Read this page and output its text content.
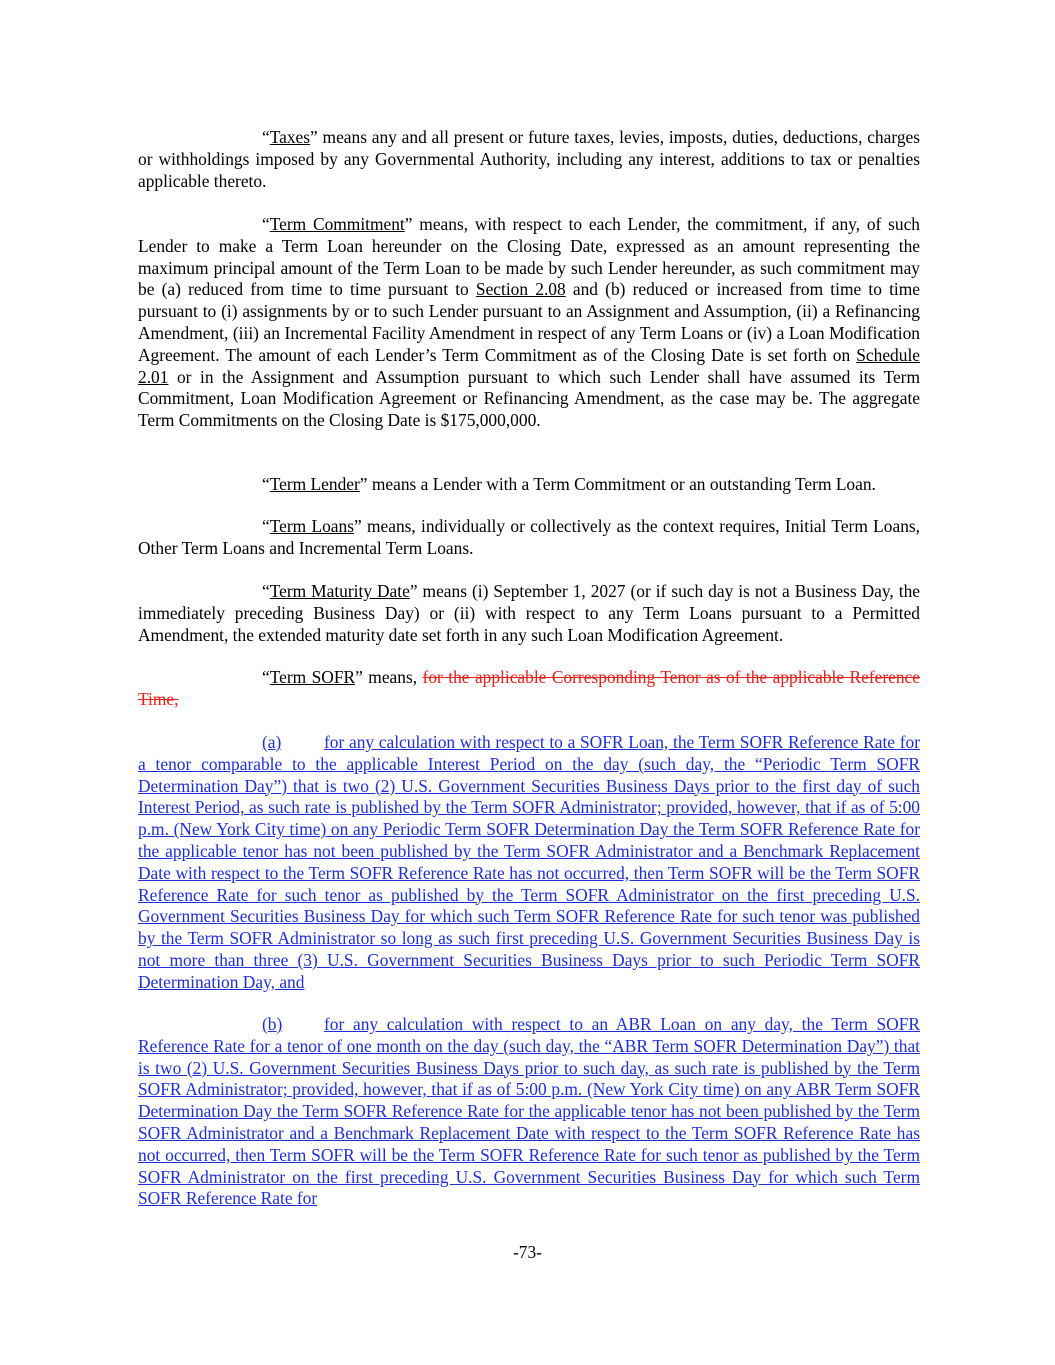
“Taxes” means any and all present or future taxes, levies, imposts, duties, deductions, charges or withholdings imposed by any Governmental Authority, including any interest, additions to tax or penalties applicable thereto.

“Term Commitment” means, with respect to each Lender, the commitment, if any, of such Lender to make a Term Loan hereunder on the Closing Date, expressed as an amount representing the maximum principal amount of the Term Loan to be made by such Lender hereunder, as such commitment may be (a) reduced from time to time pursuant to Section 2.08 and (b) reduced or increased from time to time pursuant to (i) assignments by or to such Lender pursuant to an Assignment and Assumption, (ii) a Refinancing Amendment, (iii) an Incremental Facility Amendment in respect of any Term Loans or (iv) a Loan Modification Agreement. The amount of each Lender’s Term Commitment as of the Closing Date is set forth on Schedule 2.01 or in the Assignment and Assumption pursuant to which such Lender shall have assumed its Term Commitment, Loan Modification Agreement or Refinancing Amendment, as the case may be. The aggregate Term Commitments on the Closing Date is $175,000,000.

“Term Lender” means a Lender with a Term Commitment or an outstanding Term Loan.

“Term Loans” means, individually or collectively as the context requires, Initial Term Loans, Other Term Loans and Incremental Term Loans.

“Term Maturity Date” means (i) September 1, 2027 (or if such day is not a Business Day, the immediately preceding Business Day) or (ii) with respect to any Term Loans pursuant to a Permitted Amendment, the extended maturity date set forth in any such Loan Modification Agreement.

“Term SOFR” means, for the applicable Corresponding Tenor as of the applicable Reference Time,

(a) for any calculation with respect to a SOFR Loan, the Term SOFR Reference Rate for a tenor comparable to the applicable Interest Period on the day (such day, the “Periodic Term SOFR Determination Day”) that is two (2) U.S. Government Securities Business Days prior to the first day of such Interest Period, as such rate is published by the Term SOFR Administrator; provided, however, that if as of 5:00 p.m. (New York City time) on any Periodic Term SOFR Determination Day the Term SOFR Reference Rate for the applicable tenor has not been published by the Term SOFR Administrator and a Benchmark Replacement Date with respect to the Term SOFR Reference Rate has not occurred, then Term SOFR will be the Term SOFR Reference Rate for such tenor as published by the Term SOFR Administrator on the first preceding U.S. Government Securities Business Day for which such Term SOFR Reference Rate for such tenor was published by the Term SOFR Administrator so long as such first preceding U.S. Government Securities Business Day is not more than three (3) U.S. Government Securities Business Days prior to such Periodic Term SOFR Determination Day, and

(b) for any calculation with respect to an ABR Loan on any day, the Term SOFR Reference Rate for a tenor of one month on the day (such day, the “ABR Term SOFR Determination Day”) that is two (2) U.S. Government Securities Business Days prior to such day, as such rate is published by the Term SOFR Administrator; provided, however, that if as of 5:00 p.m. (New York City time) on any ABR Term SOFR Determination Day the Term SOFR Reference Rate for the applicable tenor has not been published by the Term SOFR Administrator and a Benchmark Replacement Date with respect to the Term SOFR Reference Rate has not occurred, then Term SOFR will be the Term SOFR Reference Rate for such tenor as published by the Term SOFR Administrator on the first preceding U.S. Government Securities Business Day for which such Term SOFR Reference Rate for

-73-
